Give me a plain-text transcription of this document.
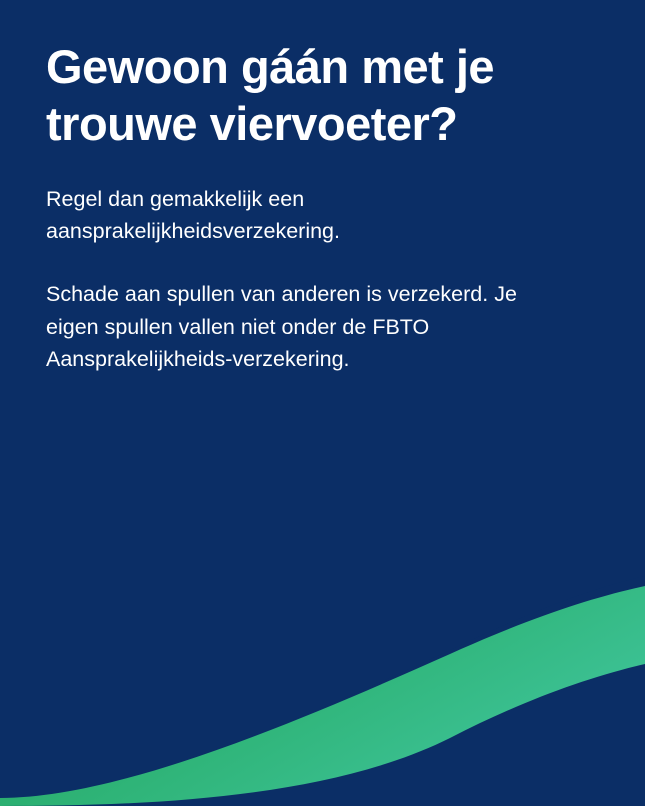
Gewoon gáán met je trouwe viervoeter?

Regel dan gemakkelijk een aansprakelijkheidsverzekering.

Schade aan spullen van anderen is verzekerd. Je eigen spullen vallen niet onder de FBTO Aansprakelijkheids-verzekering.
